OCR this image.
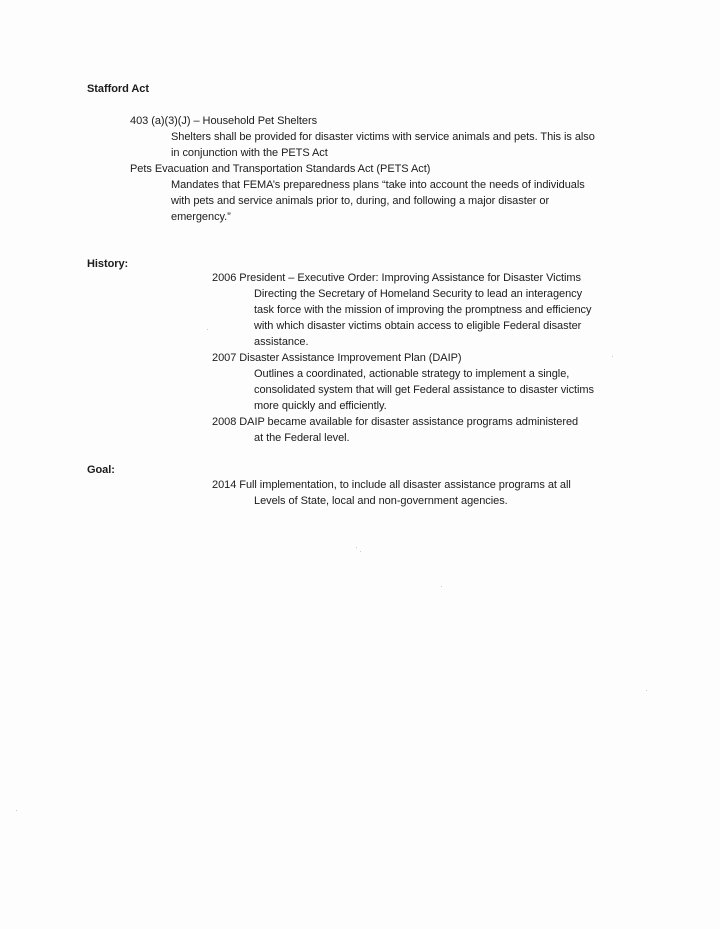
Stafford Act
403 (a)(3)(J) – Household Pet Shelters
Shelters shall be provided for disaster victims with service animals and pets. This is also
in conjunction with the PETS Act
Pets Evacuation and Transportation Standards Act (PETS Act)
Mandates that FEMA’s preparedness plans “take into account the needs of individuals
with pets and service animals prior to, during, and following a major disaster or
emergency.”
History:
2006 President – Executive Order: Improving Assistance for Disaster Victims
Directing the Secretary of Homeland Security to lead an interagency
task force with the mission of improving the promptness and efficiency
with which disaster victims obtain access to eligible Federal disaster
assistance.
2007 Disaster Assistance Improvement Plan (DAIP)
Outlines a coordinated, actionable strategy to implement a single,
consolidated system that will get Federal assistance to disaster victims
more quickly and efficiently.
2008 DAIP became available for disaster assistance programs administered
at the Federal level.
Goal:
2014 Full implementation, to include all disaster assistance programs at all
Levels of State, local and non-government agencies.
